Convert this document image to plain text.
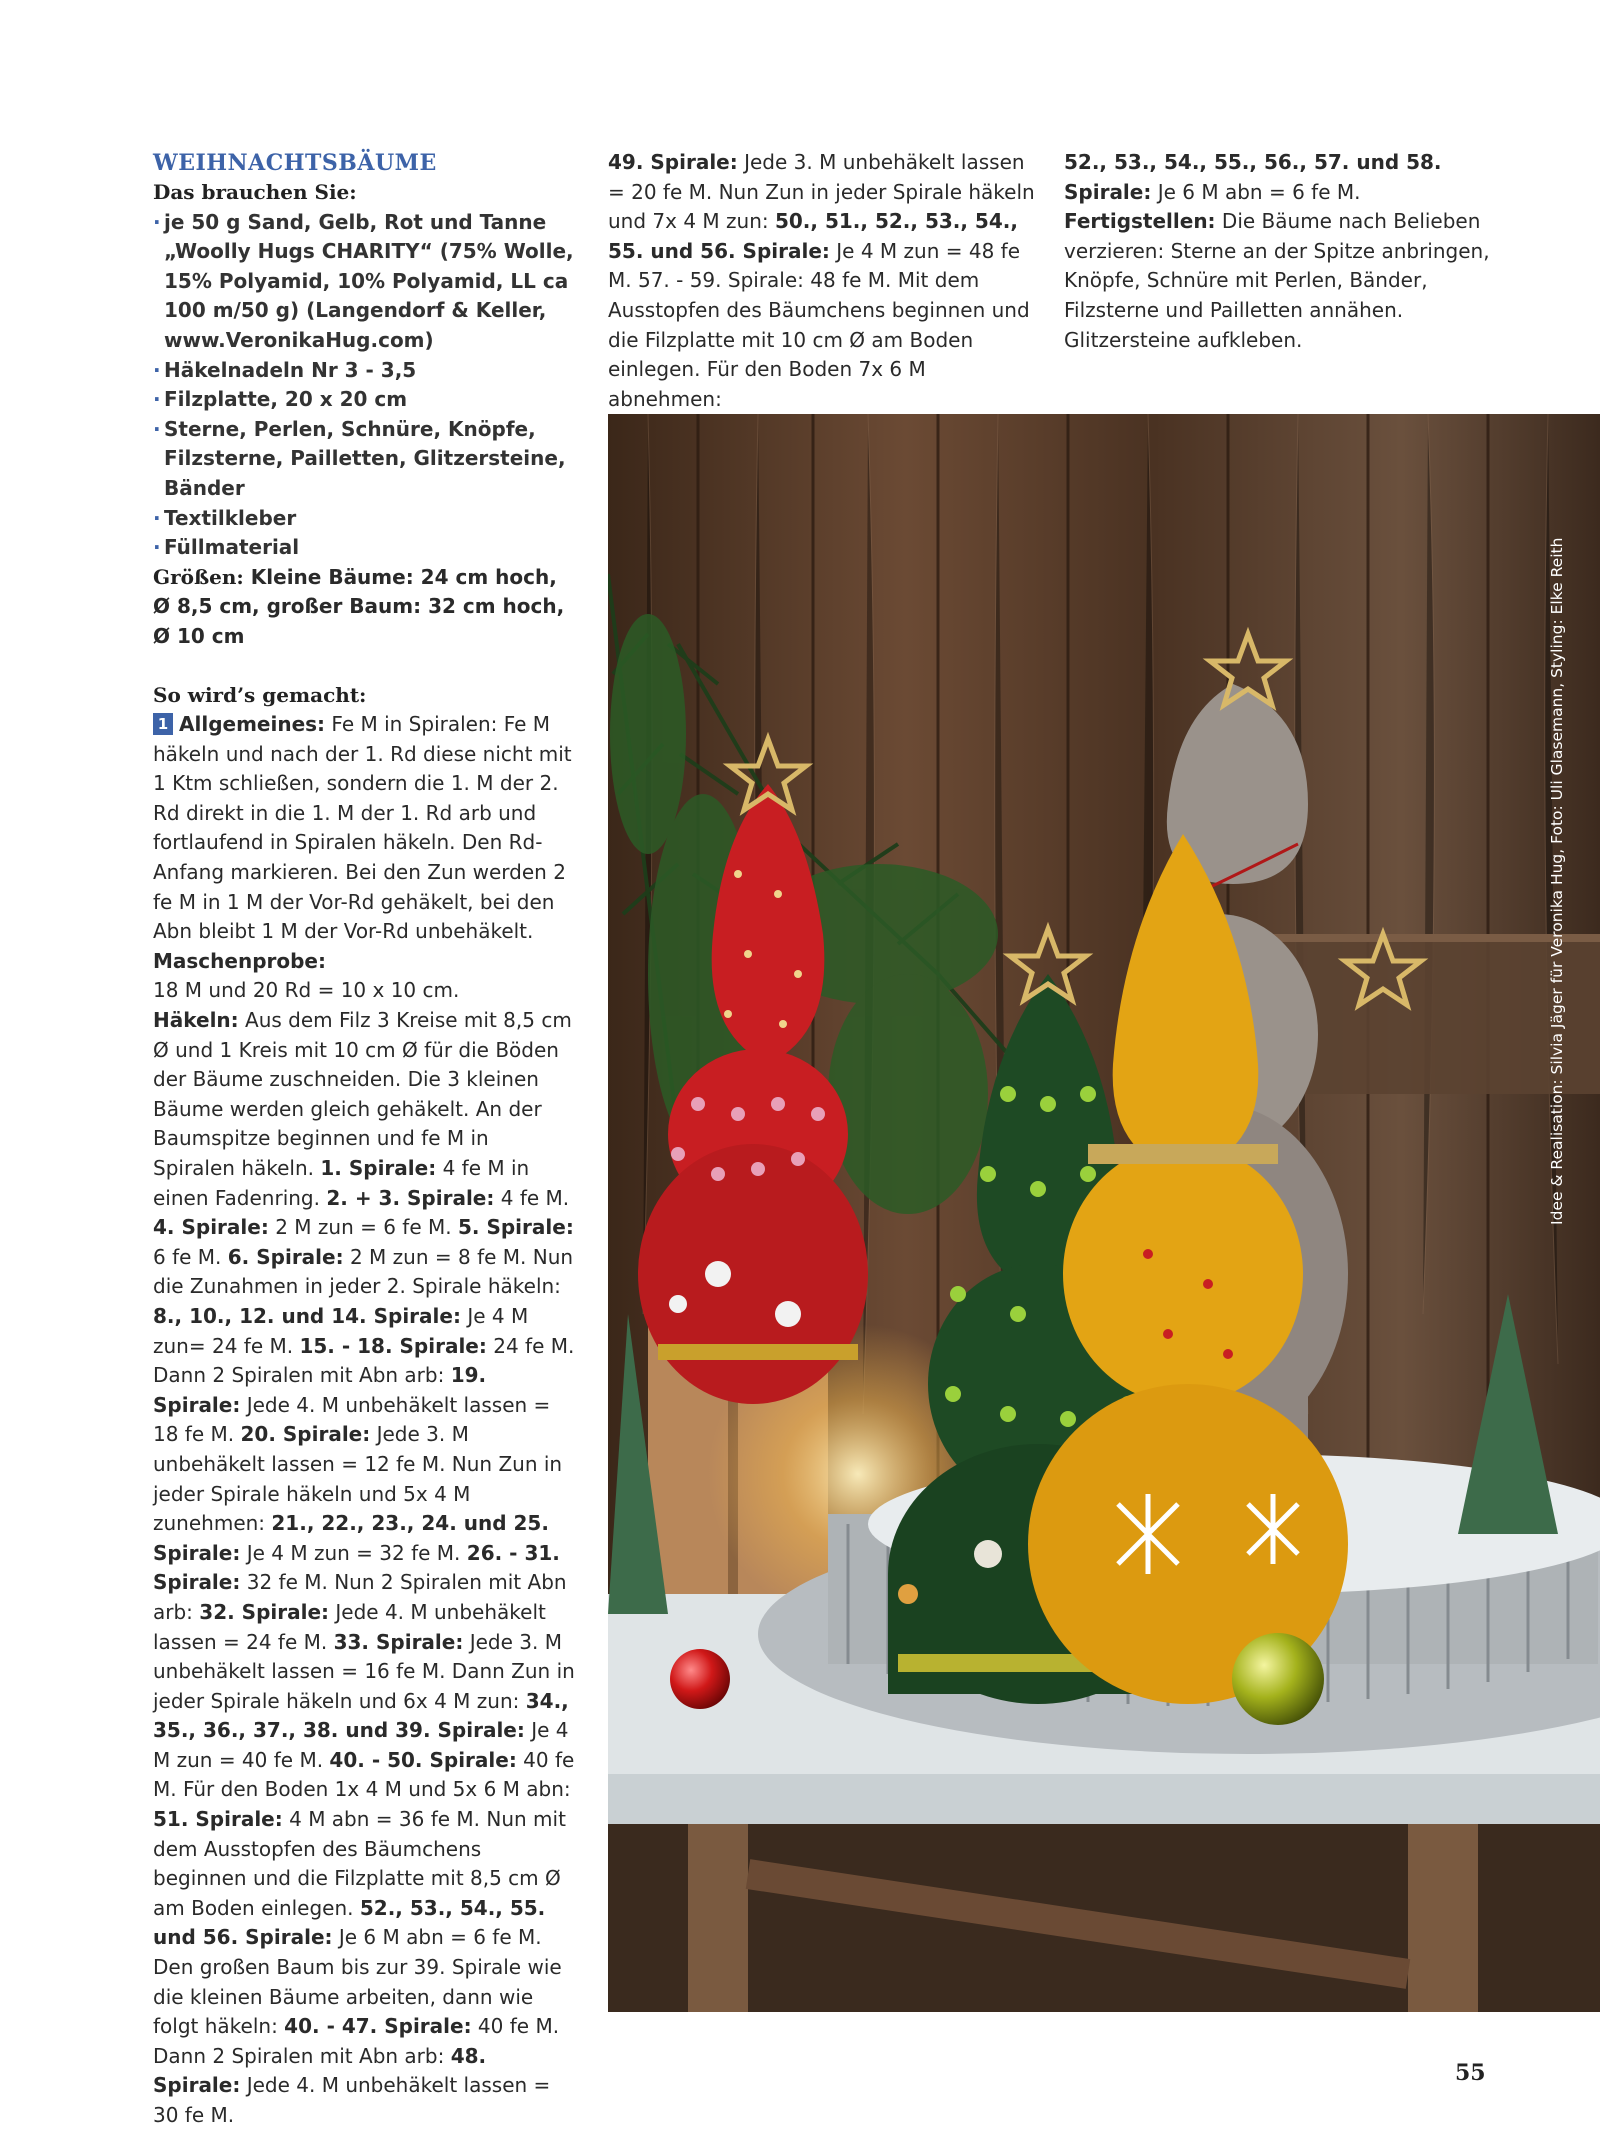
WEIHNACHTSBÄUME

Das brauchen Sie:

· je 50 g Sand, Gelb, Rot und Tanne „Woolly Hugs CHARITY“ (75% Wolle, 15% Polyamid, 10% Polyamid, LL ca 100 m/50 g) (Langendorf & Keller, www.VeronikaHug.com)
· Häkelnadeln Nr 3 - 3,5
· Filzplatte, 20 x 20 cm
· Sterne, Perlen, Schnüre, Knöpfe, Filzsterne, Pailletten, Glitzersteine, Bänder
· Textilkleber
· Füllmaterial

Größen: Kleine Bäume: 24 cm hoch, Ø 8,5 cm, großer Baum: 32 cm hoch, Ø 10 cm

So wird’s gemacht:

1 Allgemeines: Fe M in Spiralen: Fe M häkeln und nach der 1. Rd diese nicht mit 1 Ktm schließen, sondern die 1. M der 2. Rd direkt in die 1. M der 1. Rd arb und fortlaufend in Spiralen häkeln. Den Rd-Anfang markieren. Bei den Zun werden 2 fe M in 1 M der Vor-Rd gehäkelt, bei den Abn bleibt 1 M der Vor-Rd unbehäkelt.

Maschenprobe:

18 M und 20 Rd = 10 x 10 cm.

Häkeln: Aus dem Filz 3 Kreise mit 8,5 cm Ø und 1 Kreis mit 10 cm Ø für die Böden der Bäume zuschneiden. Die 3 kleinen Bäume werden gleich gehäkelt. An der Baumspitze beginnen und fe M in Spiralen häkeln. 1. Spirale: 4 fe M in einen Fadenring. 2. + 3. Spirale: 4 fe M. 4. Spirale: 2 M zun = 6 fe M. 5. Spirale: 6 fe M. 6. Spirale: 2 M zun = 8 fe M. Nun die Zunahmen in jeder 2. Spirale häkeln: 8., 10., 12. und 14. Spirale: Je 4 M zun= 24 fe M. 15. - 18. Spirale: 24 fe M. Dann 2 Spiralen mit Abn arb: 19. Spirale: Jede 4. M unbehäkelt lassen = 18 fe M. 20. Spirale: Jede 3. M unbehäkelt lassen = 12 fe M. Nun Zun in jeder Spirale häkeln und 5x 4 M zunehmen: 21., 22., 23., 24. und 25. Spirale: Je 4 M zun = 32 fe M. 26. - 31. Spirale: 32 fe M. Nun 2 Spiralen mit Abn arb: 32. Spirale: Jede 4. M unbehäkelt lassen = 24 fe M. 33. Spirale: Jede 3. M unbehäkelt lassen = 16 fe M. Dann Zun in jeder Spirale häkeln und 6x 4 M zun: 34., 35., 36., 37., 38. und 39. Spirale: Je 4 M zun = 40 fe M. 40. - 50. Spirale: 40 fe M. Für den Boden 1x 4 M und 5x 6 M abn: 51. Spirale: 4 M abn = 36 fe M. Nun mit dem Ausstopfen des Bäumchens beginnen und die Filzplatte mit 8,5 cm Ø am Boden einlegen. 52., 53., 54., 55. und 56. Spirale: Je 6 M abn = 6 fe M.

Den großen Baum bis zur 39. Spirale wie die kleinen Bäume arbeiten, dann wie folgt häkeln: 40. - 47. Spirale: 40 fe M. Dann 2 Spiralen mit Abn arb: 48. Spirale: Jede 4. M unbehäkelt lassen = 30 fe M.

49. Spirale: Jede 3. M unbehäkelt lassen = 20 fe M. Nun Zun in jeder Spirale häkeln und 7x 4 M zun: 50., 51., 52., 53., 54., 55. und 56. Spirale: Je 4 M zun = 48 fe M. 57. - 59. Spirale: 48 fe M. Mit dem Ausstopfen des Bäumchens beginnen und die Filzplatte mit 10 cm Ø am Boden einlegen. Für den Boden 7x 6 M abnehmen:

52., 53., 54., 55., 56., 57. und 58. Spirale: Je 6 M abn = 6 fe M.

Fertigstellen: Die Bäume nach Belieben verzieren: Sterne an der Spitze anbringen, Knöpfe, Schnüre mit Perlen, Bänder, Filzsterne und Pailletten annähen. Glitzersteine aufkleben.

Idee & Realisation: Silvia Jäger für Veronika Hug, Foto: Uli Glasemann, Styling: Elke Reith
55
